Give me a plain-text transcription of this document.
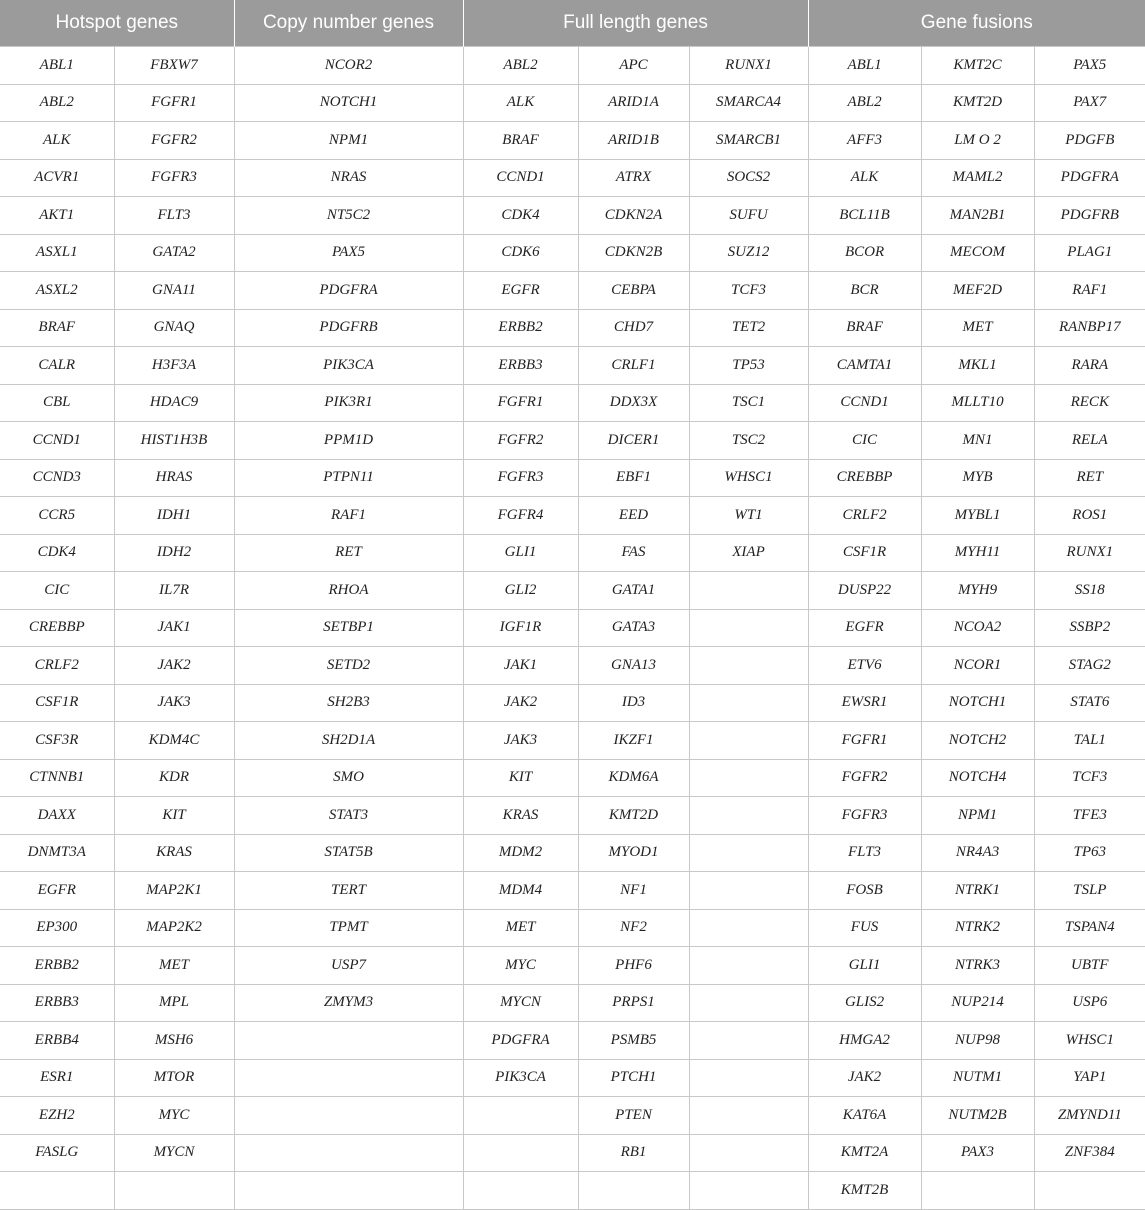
Hotspot genes		Copy number genes	Full length genes			Gene fusions		
ABL1	FBXW7	NCOR2	ABL2	APC	RUNX1	ABL1	KMT2C	PAX5
ABL2	FGFR1	NOTCH1	ALK	ARID1A	SMARCA4	ABL2	KMT2D	PAX7
ALK	FGFR2	NPM1	BRAF	ARID1B	SMARCB1	AFF3	LM O 2	PDGFB
ACVR1	FGFR3	NRAS	CCND1	ATRX	SOCS2	ALK	MAML2	PDGFRA
AKT1	FLT3	NT5C2	CDK4	CDKN2A	SUFU	BCL11B	MAN2B1	PDGFRB
ASXL1	GATA2	PAX5	CDK6	CDKN2B	SUZ12	BCOR	MECOM	PLAG1
ASXL2	GNA11	PDGFRA	EGFR	CEBPA	TCF3	BCR	MEF2D	RAF1
BRAF	GNAQ	PDGFRB	ERBB2	CHD7	TET2	BRAF	MET	RANBP17
CALR	H3F3A	PIK3CA	ERBB3	CRLF1	TP53	CAMTA1	MKL1	RARA
CBL	HDAC9	PIK3R1	FGFR1	DDX3X	TSC1	CCND1	MLLT10	RECK
CCND1	HIST1H3B	PPM1D	FGFR2	DICER1	TSC2	CIC	MN1	RELA
CCND3	HRAS	PTPN11	FGFR3	EBF1	WHSC1	CREBBP	MYB	RET
CCR5	IDH1	RAF1	FGFR4	EED	WT1	CRLF2	MYBL1	ROS1
CDK4	IDH2	RET	GLI1	FAS	XIAP	CSF1R	MYH11	RUNX1
CIC	IL7R	RHOA	GLI2	GATA1		DUSP22	MYH9	SS18
CREBBP	JAK1	SETBP1	IGF1R	GATA3		EGFR	NCOA2	SSBP2
CRLF2	JAK2	SETD2	JAK1	GNA13		ETV6	NCOR1	STAG2
CSF1R	JAK3	SH2B3	JAK2	ID3		EWSR1	NOTCH1	STAT6
CSF3R	KDM4C	SH2D1A	JAK3	IKZF1		FGFR1	NOTCH2	TAL1
CTNNB1	KDR	SMO	KIT	KDM6A		FGFR2	NOTCH4	TCF3
DAXX	KIT	STAT3	KRAS	KMT2D		FGFR3	NPM1	TFE3
DNMT3A	KRAS	STAT5B	MDM2	MYOD1		FLT3	NR4A3	TP63
EGFR	MAP2K1	TERT	MDM4	NF1		FOSB	NTRK1	TSLP
EP300	MAP2K2	TPMT	MET	NF2		FUS	NTRK2	TSPAN4
ERBB2	MET	USP7	MYC	PHF6		GLI1	NTRK3	UBTF
ERBB3	MPL	ZMYM3	MYCN	PRPS1		GLIS2	NUP214	USP6
ERBB4	MSH6		PDGFRA	PSMB5		HMGA2	NUP98	WHSC1
ESR1	MTOR		PIK3CA	PTCH1		JAK2	NUTM1	YAP1
EZH2	MYC			PTEN		KAT6A	NUTM2B	ZMYND11
FASLG	MYCN			RB1		KMT2A	PAX3	ZNF384
						KMT2B		
